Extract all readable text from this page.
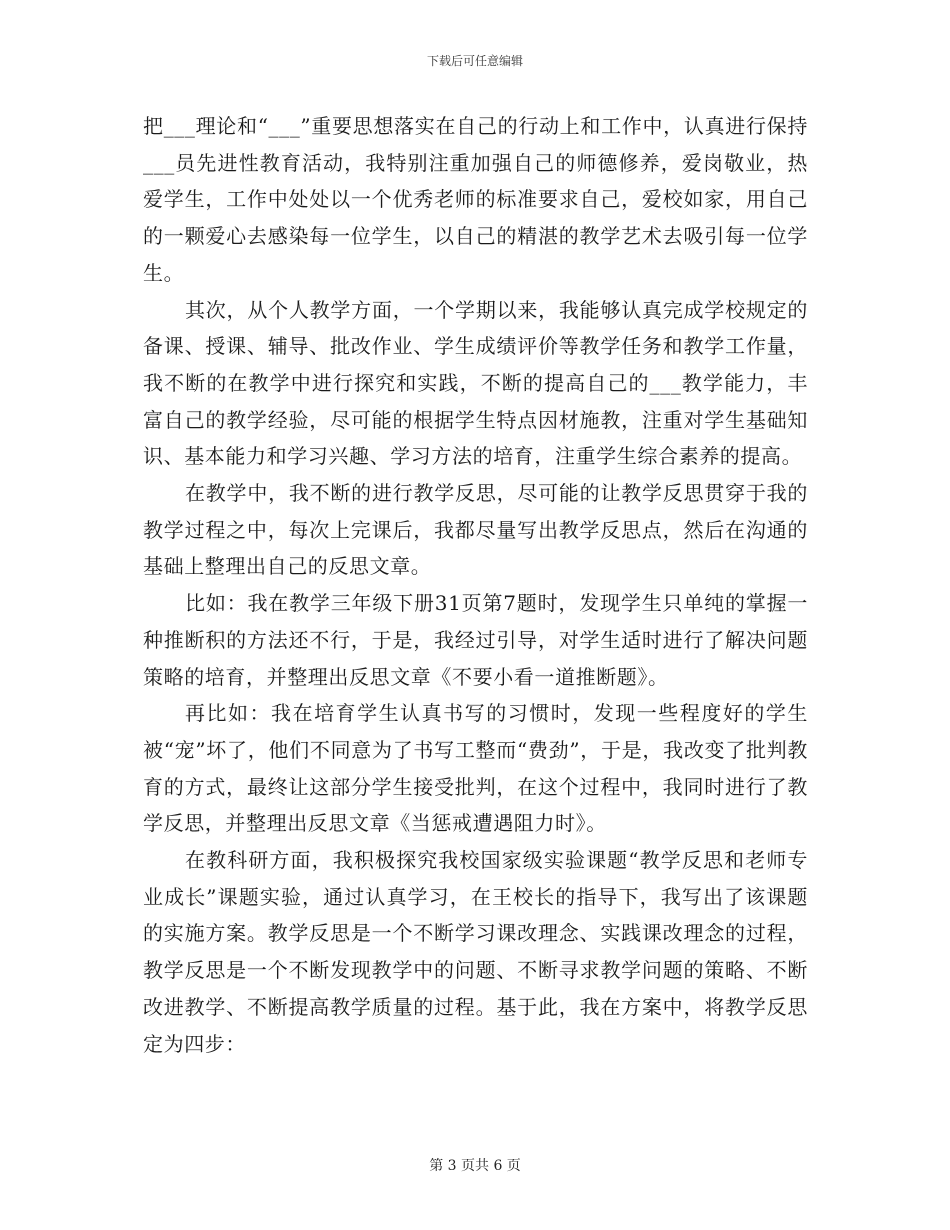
下载后可任意编辑

把___理论和“___”重要思想落实在自己的行动上和工作中，认真进行保持___员先进性教育活动，我特别注重加强自己的师德修养，爱岗敬业，热爱学生，工作中处处以一个优秀老师的标准要求自己，爱校如家，用自己的一颗爱心去感染每一位学生，以自己的精湛的教学艺术去吸引每一位学生。

其次，从个人教学方面，一个学期以来，我能够认真完成学校规定的备课、授课、辅导、批改作业、学生成绩评价等教学任务和教学工作量，我不断的在教学中进行探究和实践，不断的提高自己的___教学能力，丰富自己的教学经验，尽可能的根据学生特点因材施教，注重对学生基础知识、基本能力和学习兴趣、学习方法的培育，注重学生综合素养的提高。

在教学中，我不断的进行教学反思，尽可能的让教学反思贯穿于我的教学过程之中，每次上完课后，我都尽量写出教学反思点，然后在沟通的基础上整理出自己的反思文章。

比如：我在教学三年级下册31页第7题时，发现学生只单纯的掌握一种推断积的方法还不行，于是，我经过引导，对学生适时进行了解决问题策略的培育，并整理出反思文章《不要小看一道推断题》。

再比如：我在培育学生认真书写的习惯时，发现一些程度好的学生被“宠”坏了，他们不同意为了书写工整而“费劲”，于是，我改变了批判教育的方式，最终让这部分学生接受批判，在这个过程中，我同时进行了教学反思，并整理出反思文章《当惩戒遭遇阻力时》。

在教科研方面，我积极探究我校国家级实验课题“教学反思和老师专业成长”课题实验，通过认真学习，在王校长的指导下，我写出了该课题的实施方案。教学反思是一个不断学习课改理念、实践课改理念的过程，教学反思是一个不断发现教学中的问题、不断寻求教学问题的策略、不断改进教学、不断提高教学质量的过程。基于此，我在方案中，将教学反思定为四步：

第 3 页共 6 页
